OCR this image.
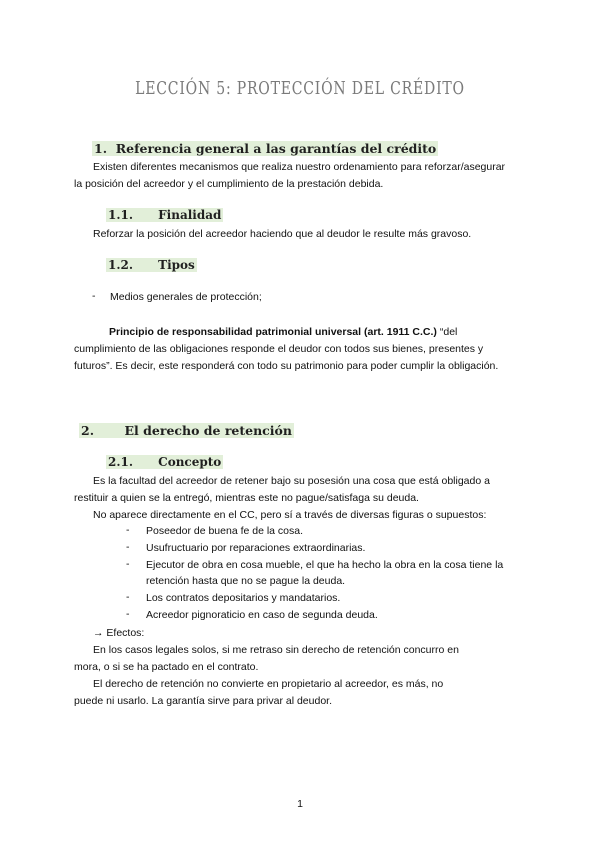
LECCIÓN 5: PROTECCIÓN DEL CRÉDITO
1. Referencia general a las garantías del crédito
Existen diferentes mecanismos que realiza nuestro ordenamiento para reforzar/asegurar
la posición del acreedor y el cumplimiento de la prestación debida.
1.1. Finalidad
Reforzar la posición del acreedor haciendo que al deudor le resulte más gravoso.
1.2. Tipos
- Medios generales de protección;
Principio de responsabilidad patrimonial universal (art. 1911 C.C.) “del
cumplimiento de las obligaciones responde el deudor con todos sus bienes, presentes y
futuros”. Es decir, este responderá con todo su patrimonio para poder cumplir la obligación.
2. El derecho de retención
2.1. Concepto
Es la facultad del acreedor de retener bajo su posesión una cosa que está obligado a
restituir a quien se la entregó, mientras este no pague/satisfaga su deuda.
No aparece directamente en el CC, pero sí a través de diversas figuras o supuestos:
- Poseedor de buena fe de la cosa.
- Usufructuario por reparaciones extraordinarias.
- Ejecutor de obra en cosa mueble, el que ha hecho la obra en la cosa tiene la
retención hasta que no se pague la deuda.
- Los contratos depositarios y mandatarios.
- Acreedor pignoraticio en caso de segunda deuda.
→ Efectos:
En los casos legales solos, si me retraso sin derecho de retención concurro en
mora, o si se ha pactado en el contrato.
El derecho de retención no convierte en propietario al acreedor, es más, no
puede ni usarlo. La garantía sirve para privar al deudor.
1
